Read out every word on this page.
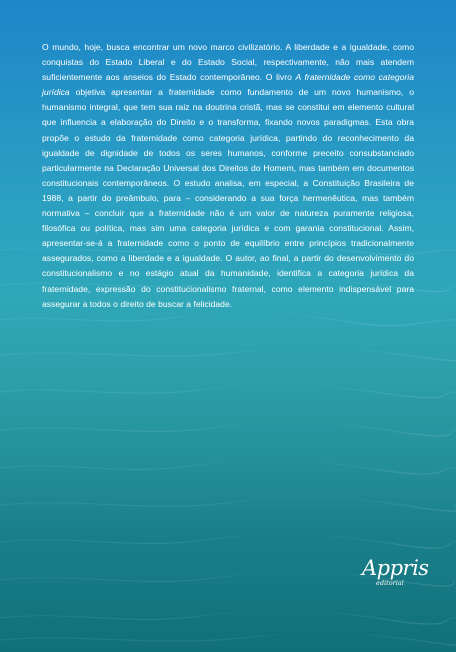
O mundo, hoje, busca encontrar um novo marco civilizatório. A liberdade e a igualdade, como conquistas do Estado Liberal e do Estado Social, respectivamente, não mais atendem suficientemente aos anseios do Estado contemporâneo. O livro A fraternidade como categoria jurídica objetiva apresentar a fraternidade como fundamento de um novo humanismo, o humanismo integral, que tem sua raiz na doutrina cristã, mas se constitui em elemento cultural que influencia a elaboração do Direito e o transforma, fixando novos paradigmas. Esta obra propõe o estudo da fraternidade como categoria jurídica, partindo do reconhecimento da igualdade de dignidade de todos os seres humanos, conforme preceito consubstanciado particularmente na Declaração Universal dos Direitos do Homem, mas também em documentos constitucionais contemporâneos. O estudo analisa, em especial, a Constituição Brasileira de 1988, a partir do preâmbulo, para – considerando a sua força hermenêutica, mas também normativa – concluir que a fraternidade não é um valor de natureza puramente religiosa, filosófica ou política, mas sim uma categoria jurídica e com garania constitucional. Assim, apresentar-se-á a fraternidade como o ponto de equilíbrio entre princípios tradicionalmente assegurados, como a liberdade e a igualdade. O autor, ao final, a partir do desenvolvimento do constitucionalismo e no estágio atual da humanidade, identifica a categoria jurídica da fraternidade, expressão do constitucionalismo fraternal, como elemento indispensável para assegurar a todos o direito de buscar a felicidade.

Appris
editorial
